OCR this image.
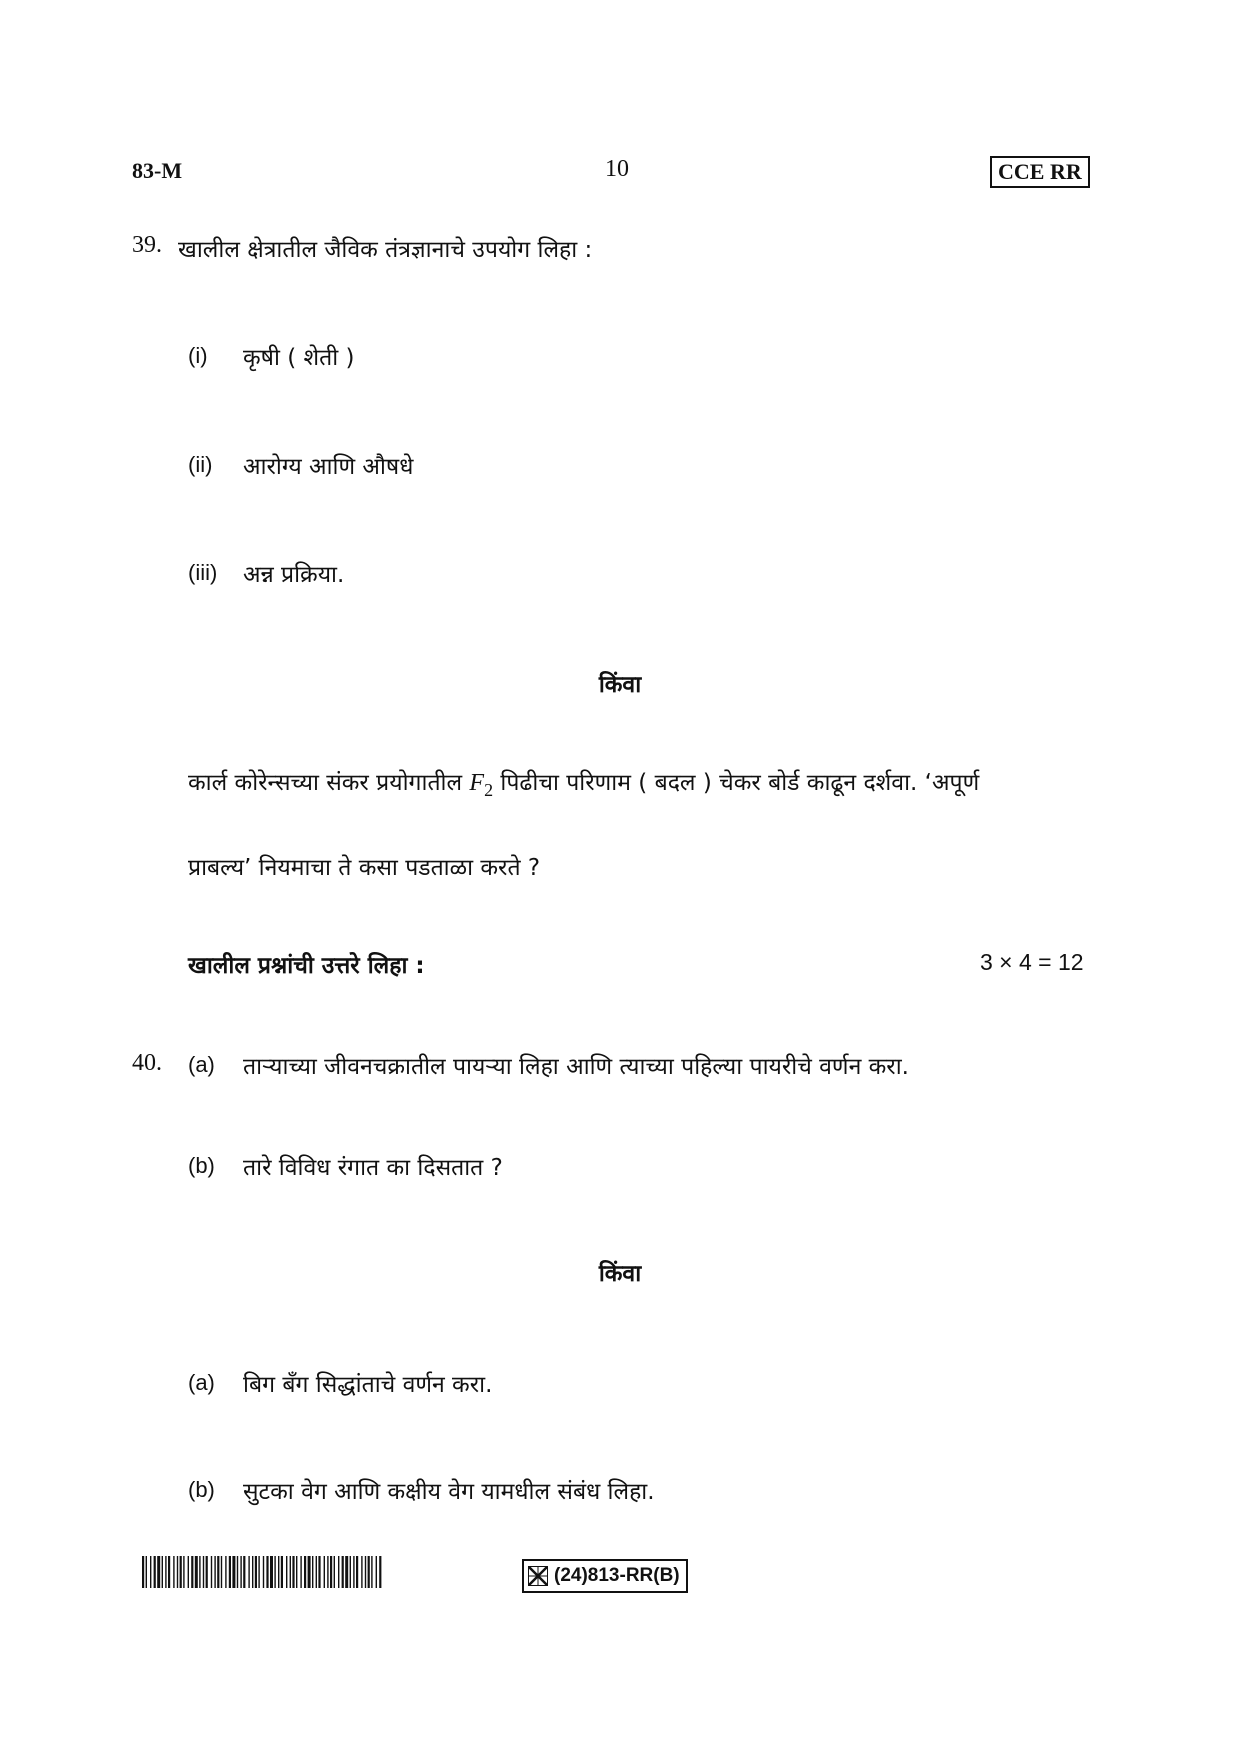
83-M	10	CCE RR
39. खालील क्षेत्रातील जैविक तंत्रज्ञानाचे उपयोग लिहा :
(i) कृषी ( शेती )
(ii) आरोग्य आणि औषधे
(iii) अन्न प्रक्रिया.
किंवा
कार्ल कोरेन्सच्या संकर प्रयोगातील $F_2$ पिढीचा परिणाम ( बदल ) चेकर बोर्ड काढून दर्शवा. ‘अपूर्ण
प्राबल्य’ नियमाचा ते कसा पडताळा करते ?
खालील प्रश्नांची उत्तरे लिहा :	3 × 4 = 12
40. (a) ताऱ्याच्या जीवनचक्रातील पायऱ्या लिहा आणि त्याच्या पहिल्या पायरीचे वर्णन करा.
(b) तारे विविध रंगात का दिसतात ?
किंवा
(a) बिग बँग सिद्धांताचे वर्णन करा.
(b) सुटका वेग आणि कक्षीय वेग यामधील संबंध लिहा.
(24)813-RR(B)
